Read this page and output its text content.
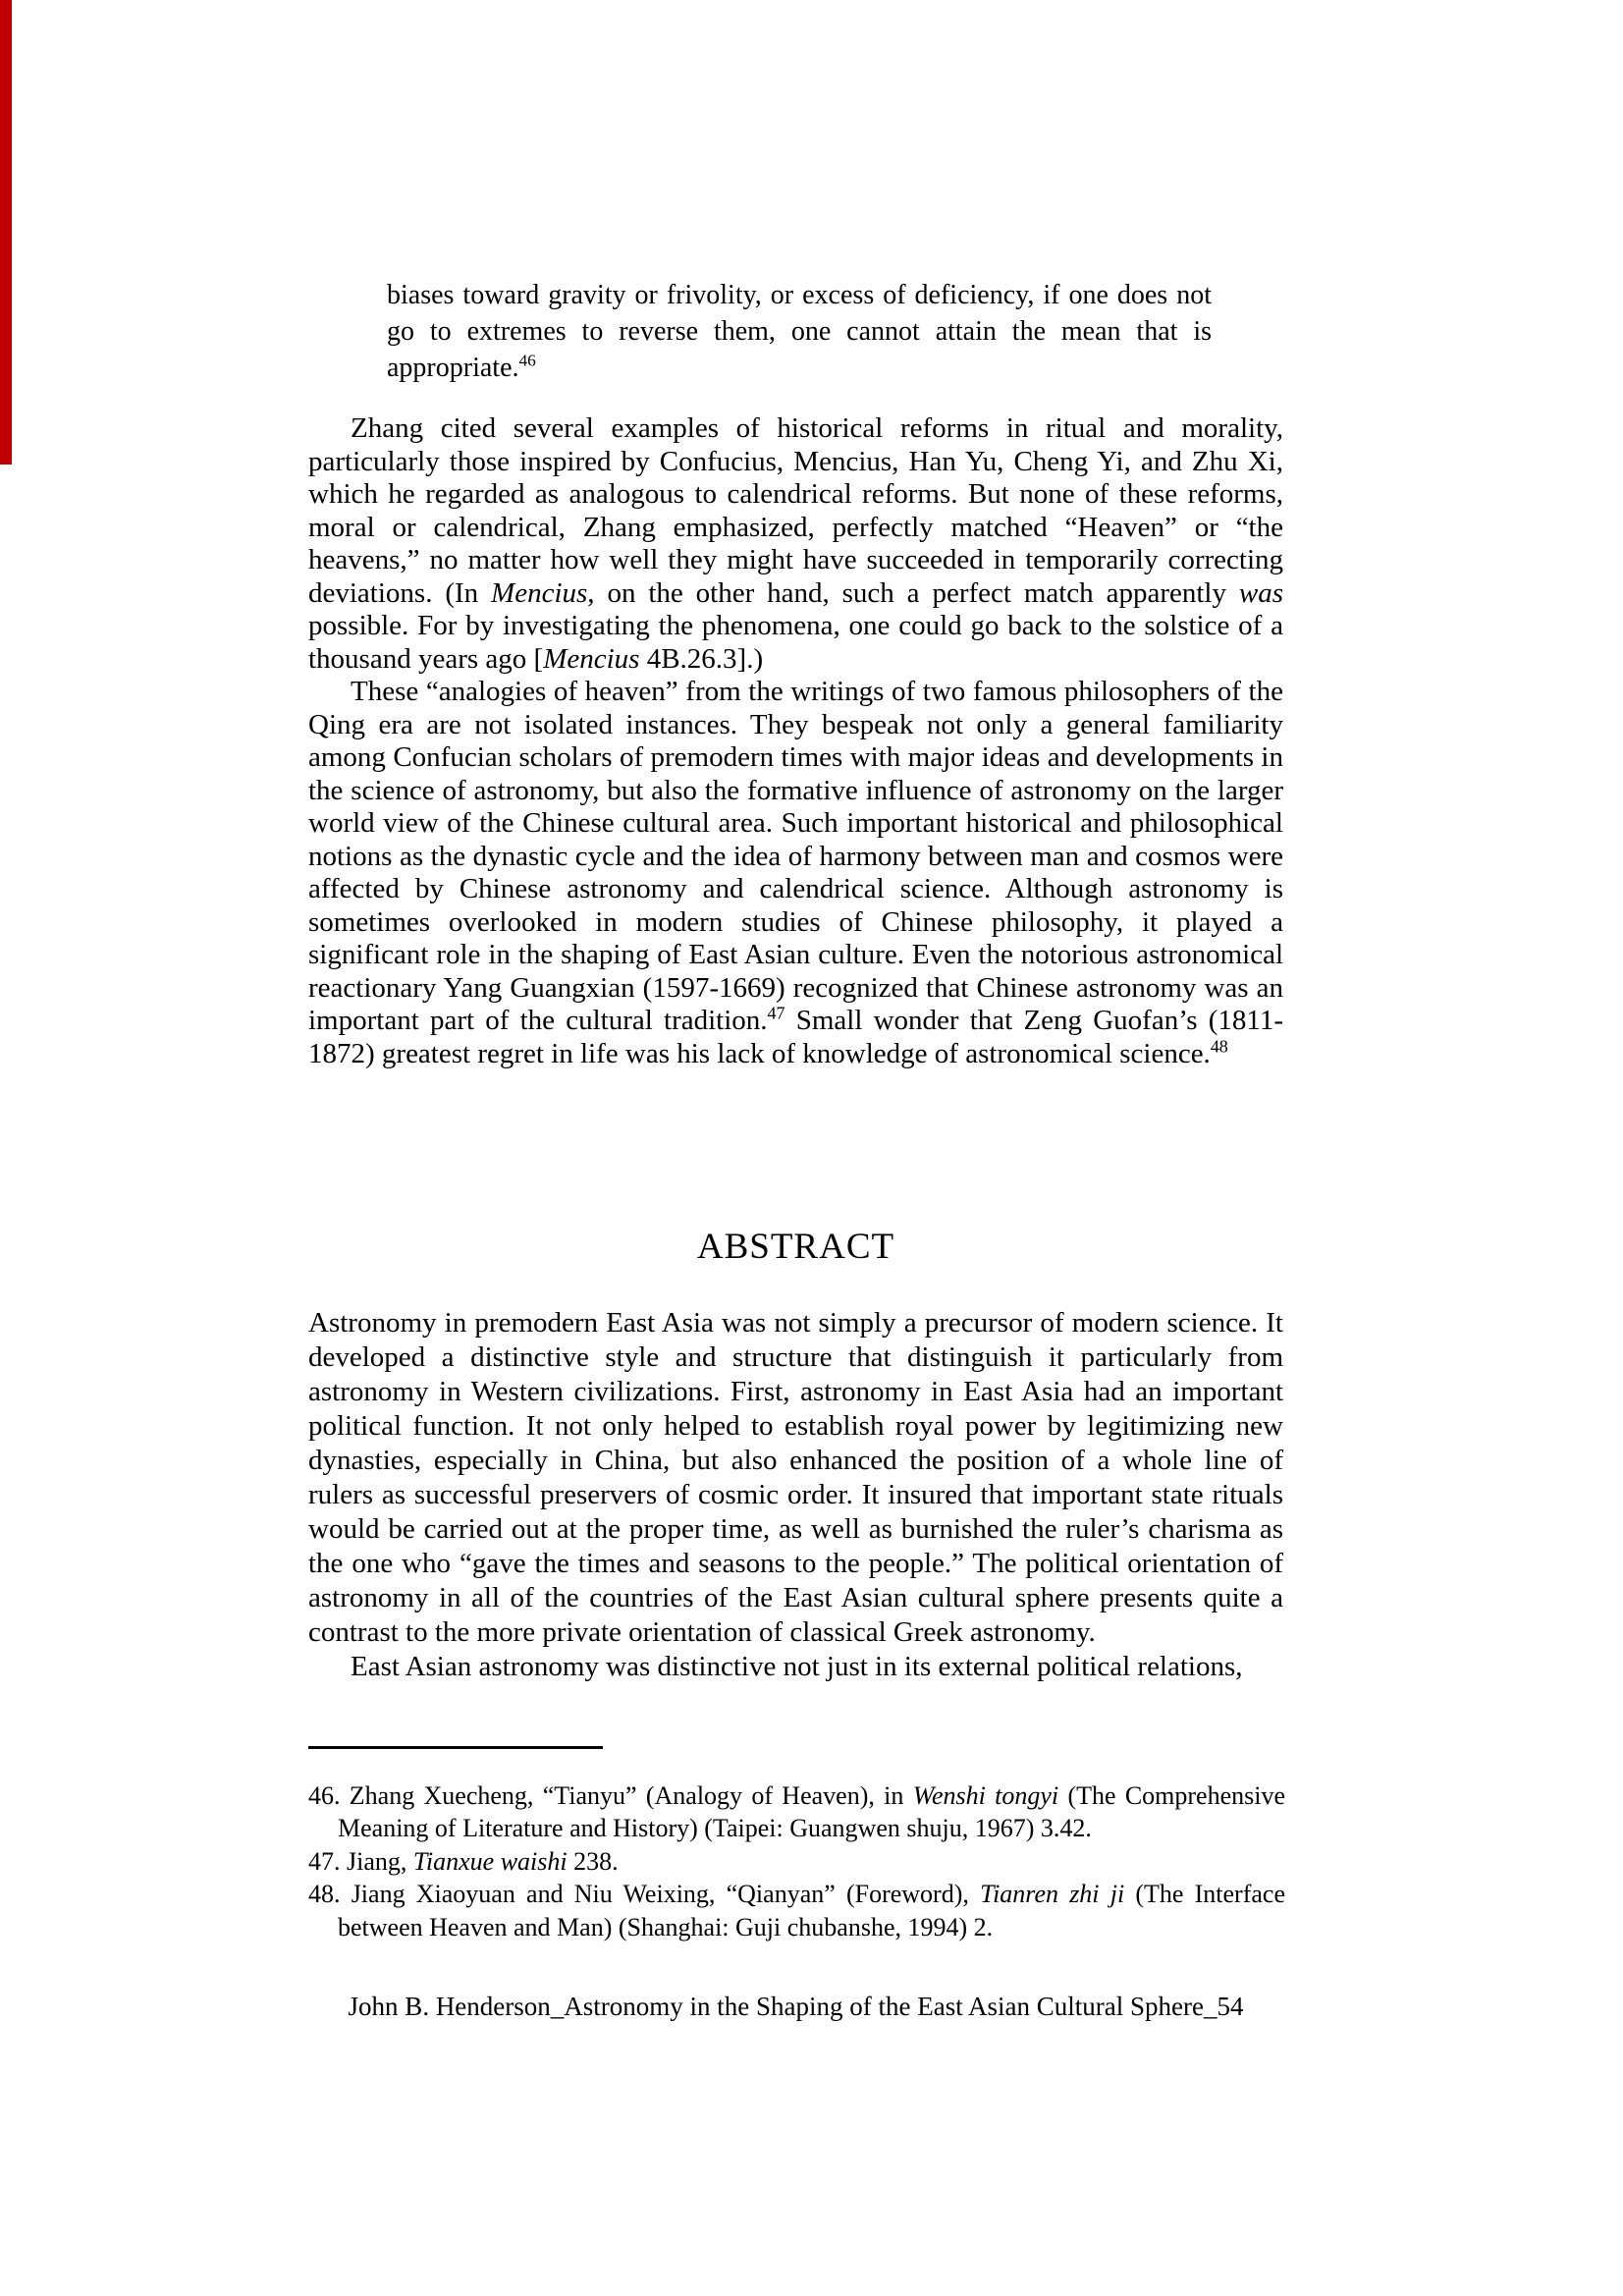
biases toward gravity or frivolity, or excess of deficiency, if one does not go to extremes to reverse them, one cannot attain the mean that is appropriate.$^{46}$

Zhang cited several examples of historical reforms in ritual and morality, particularly those inspired by Confucius, Mencius, Han Yu, Cheng Yi, and Zhu Xi, which he regarded as analogous to calendrical reforms. But none of these reforms, moral or calendrical, Zhang emphasized, perfectly matched “Heaven” or “the heavens,” no matter how well they might have succeeded in temporarily correcting deviations. (In Mencius, on the other hand, such a perfect match apparently was possible. For by investigating the phenomena, one could go back to the solstice of a thousand years ago [Mencius 4B.26.3].)

These “analogies of heaven” from the writings of two famous philosophers of the Qing era are not isolated instances. They bespeak not only a general familiarity among Confucian scholars of premodern times with major ideas and developments in the science of astronomy, but also the formative influence of astronomy on the larger world view of the Chinese cultural area. Such important historical and philosophical notions as the dynastic cycle and the idea of harmony between man and cosmos were affected by Chinese astronomy and calendrical science. Although astronomy is sometimes overlooked in modern studies of Chinese philosophy, it played a significant role in the shaping of East Asian culture. Even the notorious astronomical reactionary Yang Guangxian (1597-1669) recognized that Chinese astronomy was an important part of the cultural tradition.$^{47}$ Small wonder that Zeng Guofan’s (1811-1872) greatest regret in life was his lack of knowledge of astronomical science.$^{48}$

ABSTRACT

Astronomy in premodern East Asia was not simply a precursor of modern science. It developed a distinctive style and structure that distinguish it particularly from astronomy in Western civilizations. First, astronomy in East Asia had an important political function. It not only helped to establish royal power by legitimizing new dynasties, especially in China, but also enhanced the position of a whole line of rulers as successful preservers of cosmic order. It insured that important state rituals would be carried out at the proper time, as well as burnished the ruler’s charisma as the one who “gave the times and seasons to the people.” The political orientation of astronomy in all of the countries of the East Asian cultural sphere presents quite a contrast to the more private orientation of classical Greek astronomy.

East Asian astronomy was distinctive not just in its external political relations,

46. Zhang Xuecheng, “Tianyu” (Analogy of Heaven), in Wenshi tongyi (The Comprehensive Meaning of Literature and History) (Taipei: Guangwen shuju, 1967) 3.42.

47. Jiang, Tianxue waishi 238.

48. Jiang Xiaoyuan and Niu Weixing, “Qianyan” (Foreword), Tianren zhi ji (The Interface between Heaven and Man) (Shanghai: Guji chubanshe, 1994) 2.

John B. Henderson_Astronomy in the Shaping of the East Asian Cultural Sphere_54
